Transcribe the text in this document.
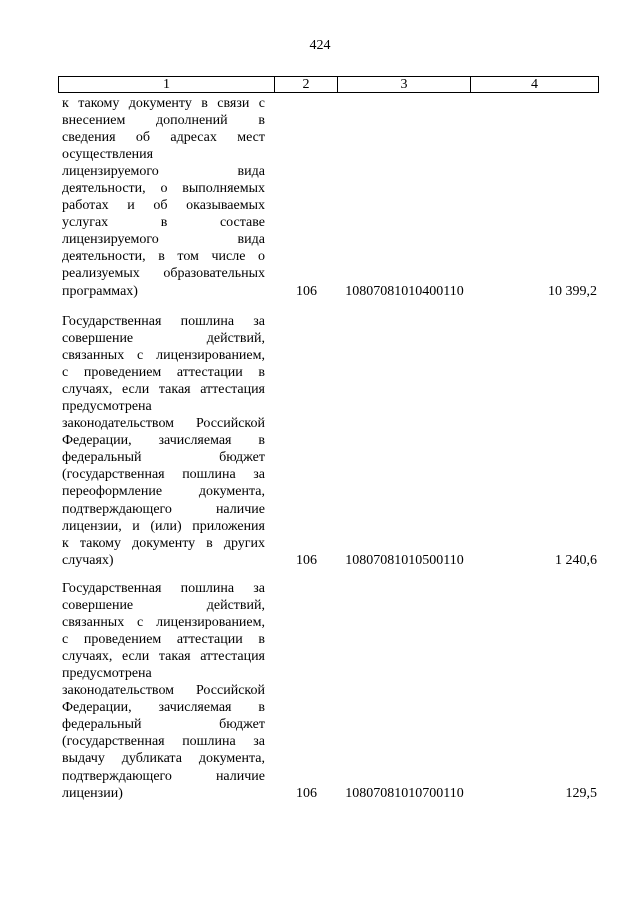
424
1	2	3	4
к такому документу в связи с
внесением дополнений в
сведения об адресах мест
осуществления
лицензируемого вида
деятельности, о выполняемых
работах и об оказываемых
услугах в составе
лицензируемого вида
деятельности, в том числе о
реализуемых образовательных
программах)	106	10807081010400110	10 399,2
Государственная пошлина за
совершение действий,
связанных с лицензированием,
с проведением аттестации в
случаях, если такая аттестация
предусмотрена
законодательством Российской
Федерации, зачисляемая в
федеральный бюджет
(государственная пошлина за
переоформление документа,
подтверждающего наличие
лицензии, и (или) приложения
к такому документу в других
случаях)	106	10807081010500110	1 240,6
Государственная пошлина за
совершение действий,
связанных с лицензированием,
с проведением аттестации в
случаях, если такая аттестация
предусмотрена
законодательством Российской
Федерации, зачисляемая в
федеральный бюджет
(государственная пошлина за
выдачу дубликата документа,
подтверждающего наличие
лицензии)	106	10807081010700110	129,5
